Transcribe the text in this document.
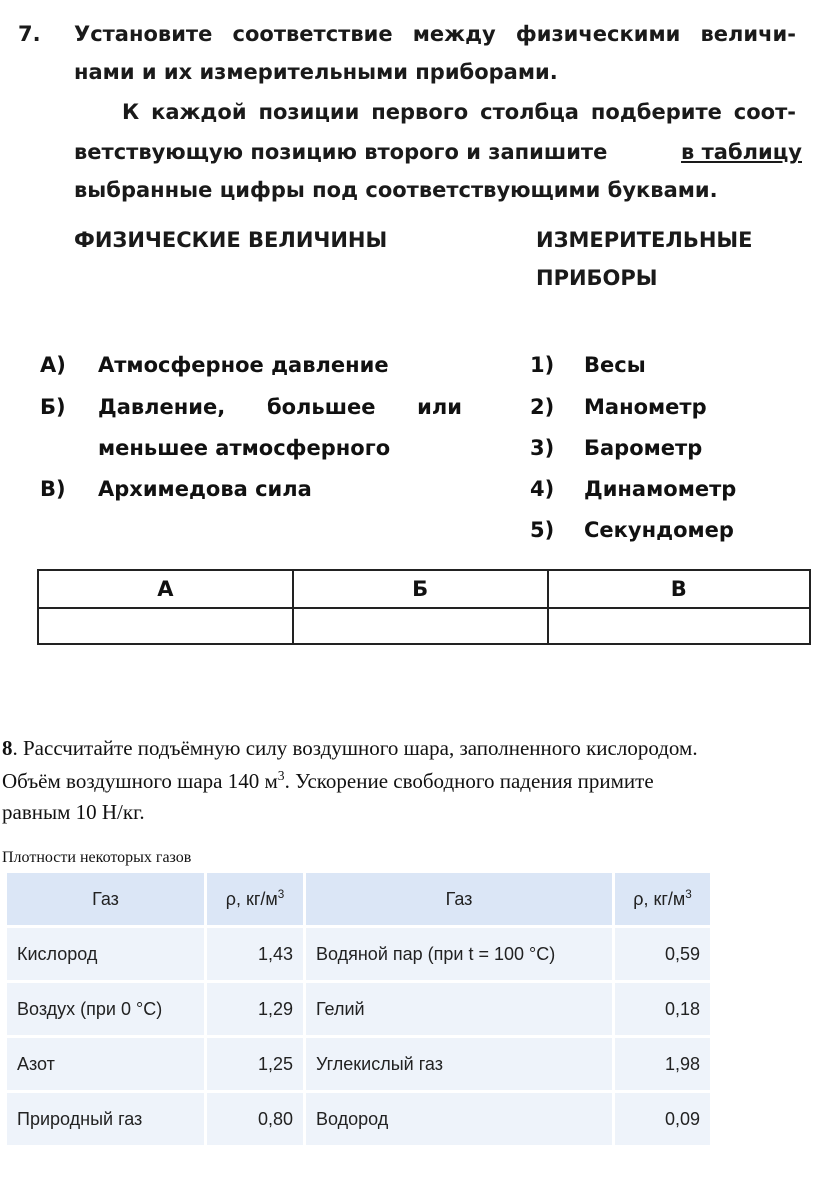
7. Установите соответствие между физическими величи-
нами и их измерительными приборами.
К каждой позиции первого столбца подберите соот-
ветствующую позицию второго и запишите	в таблицу
выбранные цифры под соответствующими буквами.
ФИЗИЧЕСКИЕ ВЕЛИЧИНЫ	ИЗМЕРИТЕЛЬНЫЕ
ПРИБОРЫ
А) Атмосферное давление
Б) Давление, большее или
меньшее атмосферного
В) Архимедова сила
1) Весы
2) Манометр
3) Барометр
4) Динамометр
5) Секундомер
А	Б	В

8. Рассчитайте подъёмную силу воздушного шара, заполненного кислородом.
Объём воздушного шара 140 $м^3$. Ускорение свободного падения примите
равным 10 Н/кг.
Плотности некоторых газов
Газ	ρ, $кг/м^3$	Газ	ρ, $кг/м^3$
Кислород	1,43	Водяной пар (при t = 100 °C)	0,59
Воздух (при 0 °C)	1,29	Гелий	0,18
Азот	1,25	Углекислый газ	1,98
Природный газ	0,80	Водород	0,09
